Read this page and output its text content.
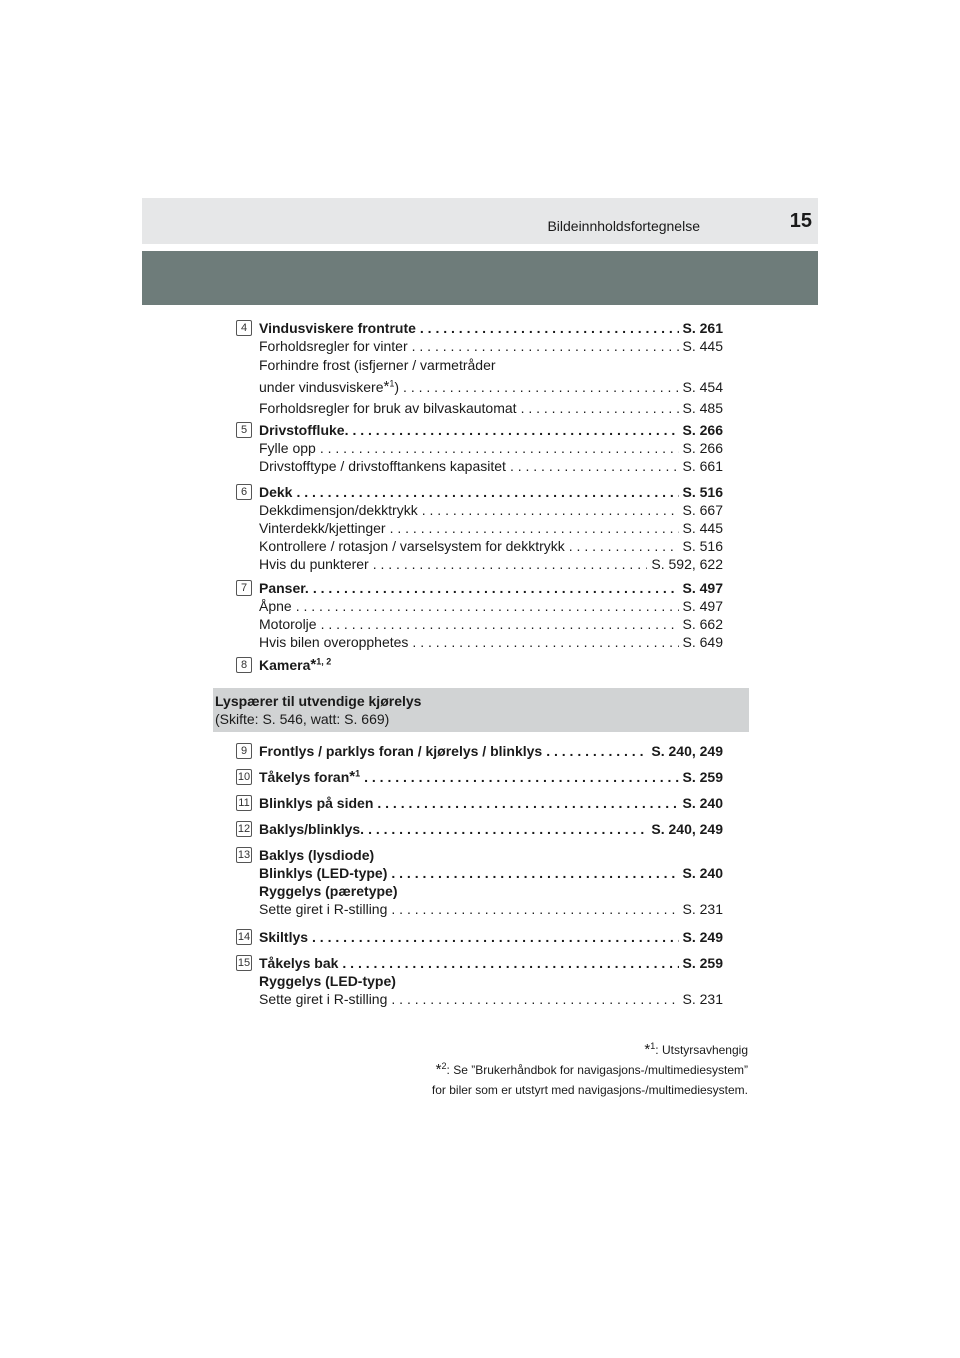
Bildeinnholdsfortegnelse	15
4 Vindusviskere frontrute . . .	S. 261
Forholdsregler for vinter . . .	S. 445
Forhindre frost (isfjerner / varmetråder
under vindusviskere*$^1$) . . .	S. 454
Forholdsregler for bruk av bilvaskautomat . . .	S. 485
5 Drivstoffluke. . . .	S. 266
Fylle opp . . .	S. 266
Drivstofftype / drivstofftankens kapasitet . . .	S. 661
6 Dekk . . .	S. 516
Dekkdimensjon/dekktrykk . . .	S. 667
Vinterdekk/kjettinger . . .	S. 445
Kontrollere / rotasjon / varselsystem for dekktrykk . . .	S. 516
Hvis du punkterer . . .	S. 592, 622
7 Panser. . . .	S. 497
Åpne . . .	S. 497
Motorolje . . .	S. 662
Hvis bilen overopphetes . . .	S. 649
8 Kamera*$^{1, 2}$
Lyspærer til utvendige kjørelys
(Skifte: S. 546, watt: S. 669)
9 Frontlys / parklys foran / kjørelys / blinklys . . .	S. 240, 249
10 Tåkelys foran*$^1$ . . .	S. 259
11 Blinklys på siden . . .	S. 240
12 Baklys/blinklys. . . .	S. 240, 249
13 Baklys (lysdiode)
Blinklys (LED-type) . . .	S. 240
Ryggelys (pæretype)
Sette giret i R-stilling . . .	S. 231
14 Skiltlys . . .	S. 249
15 Tåkelys bak . . .	S. 259
Ryggelys (LED-type)
Sette giret i R-stilling . . .	S. 231
*$^1$: Utstyrsavhengig
*$^2$: Se ”Brukerhåndbok for navigasjons-/multimediesystem”
for biler som er utstyrt med navigasjons-/multimediesystem.
